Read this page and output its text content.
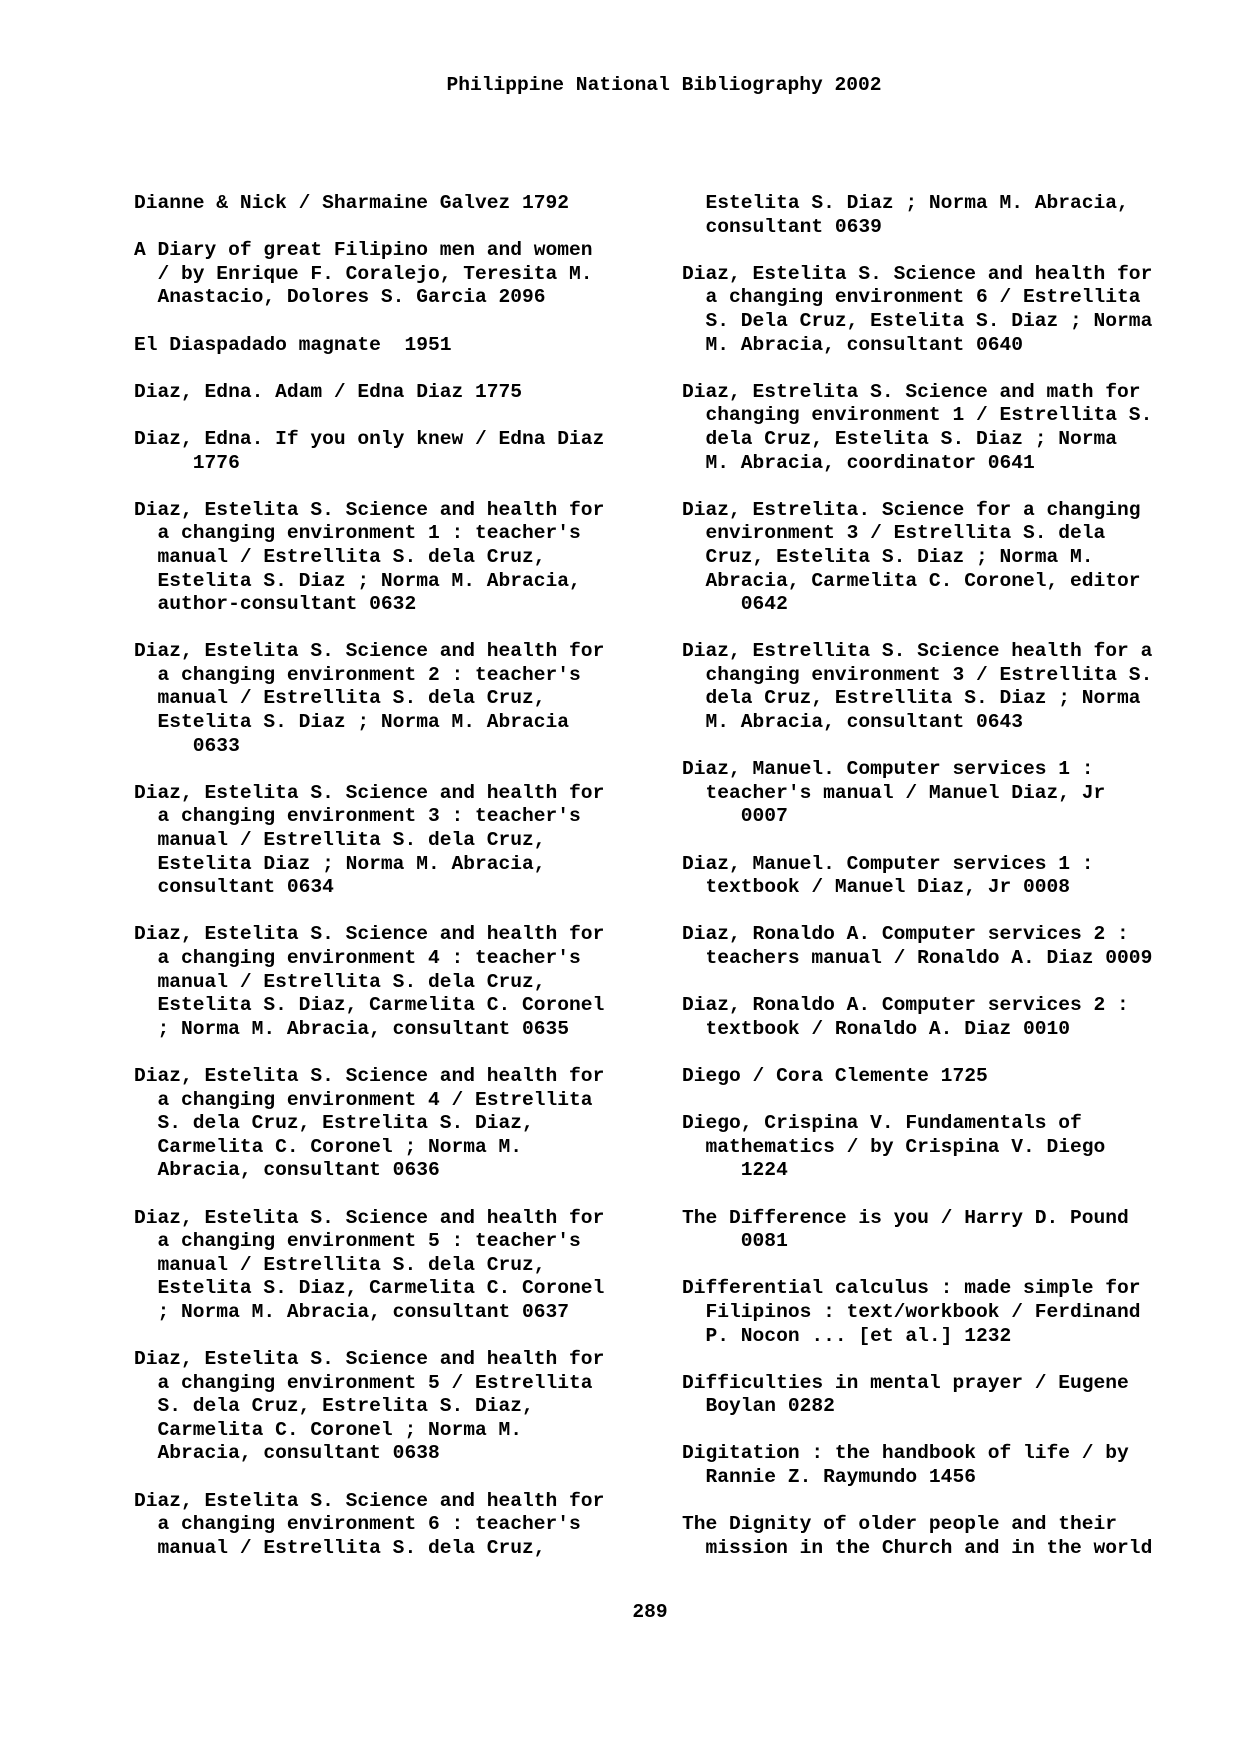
Philippine National Bibliography 2002

Dianne & Nick / Sharmaine Galvez 1792

A Diary of great Filipino men and women
/ by Enrique F. Coralejo, Teresita M.
Anastacio, Dolores S. Garcia 2096

El Diaspadado magnate  1951

Diaz, Edna. Adam / Edna Diaz 1775

Diaz, Edna. If you only knew / Edna Diaz
1776

Diaz, Estelita S. Science and health for
a changing environment 1 : teacher's
manual / Estrellita S. dela Cruz,
Estelita S. Diaz ; Norma M. Abracia,
author-consultant 0632

Diaz, Estelita S. Science and health for
a changing environment 2 : teacher's
manual / Estrellita S. dela Cruz,
Estelita S. Diaz ; Norma M. Abracia
0633

Diaz, Estelita S. Science and health for
a changing environment 3 : teacher's
manual / Estrellita S. dela Cruz,
Estelita Diaz ; Norma M. Abracia,
consultant 0634

Diaz, Estelita S. Science and health for
a changing environment 4 : teacher's
manual / Estrellita S. dela Cruz,
Estelita S. Diaz, Carmelita C. Coronel
; Norma M. Abracia, consultant 0635

Diaz, Estelita S. Science and health for
a changing environment 4 / Estrellita
S. dela Cruz, Estrelita S. Diaz,
Carmelita C. Coronel ; Norma M.
Abracia, consultant 0636

Diaz, Estelita S. Science and health for
a changing environment 5 : teacher's
manual / Estrellita S. dela Cruz,
Estelita S. Diaz, Carmelita C. Coronel
; Norma M. Abracia, consultant 0637

Diaz, Estelita S. Science and health for
a changing environment 5 / Estrellita
S. dela Cruz, Estrelita S. Diaz,
Carmelita C. Coronel ; Norma M.
Abracia, consultant 0638

Diaz, Estelita S. Science and health for
a changing environment 6 : teacher's
manual / Estrellita S. dela Cruz,

Estelita S. Diaz ; Norma M. Abracia,
consultant 0639

Diaz, Estelita S. Science and health for
a changing environment 6 / Estrellita
S. Dela Cruz, Estelita S. Diaz ; Norma
M. Abracia, consultant 0640

Diaz, Estrelita S. Science and math for
changing environment 1 / Estrellita S.
dela Cruz, Estelita S. Diaz ; Norma
M. Abracia, coordinator 0641

Diaz, Estrelita. Science for a changing
environment 3 / Estrellita S. dela
Cruz, Estelita S. Diaz ; Norma M.
Abracia, Carmelita C. Coronel, editor
0642

Diaz, Estrellita S. Science health for a
changing environment 3 / Estrellita S.
dela Cruz, Estrellita S. Diaz ; Norma
M. Abracia, consultant 0643

Diaz, Manuel. Computer services 1 :
teacher's manual / Manuel Diaz, Jr
0007

Diaz, Manuel. Computer services 1 :
textbook / Manuel Diaz, Jr 0008

Diaz, Ronaldo A. Computer services 2 :
teachers manual / Ronaldo A. Diaz 0009

Diaz, Ronaldo A. Computer services 2 :
textbook / Ronaldo A. Diaz 0010

Diego / Cora Clemente 1725

Diego, Crispina V. Fundamentals of
mathematics / by Crispina V. Diego
1224

The Difference is you / Harry D. Pound
0081

Differential calculus : made simple for
Filipinos : text/workbook / Ferdinand
P. Nocon ... [et al.] 1232

Difficulties in mental prayer / Eugene
Boylan 0282

Digitation : the handbook of life / by
Rannie Z. Raymundo 1456

The Dignity of older people and their
mission in the Church and in the world

289
